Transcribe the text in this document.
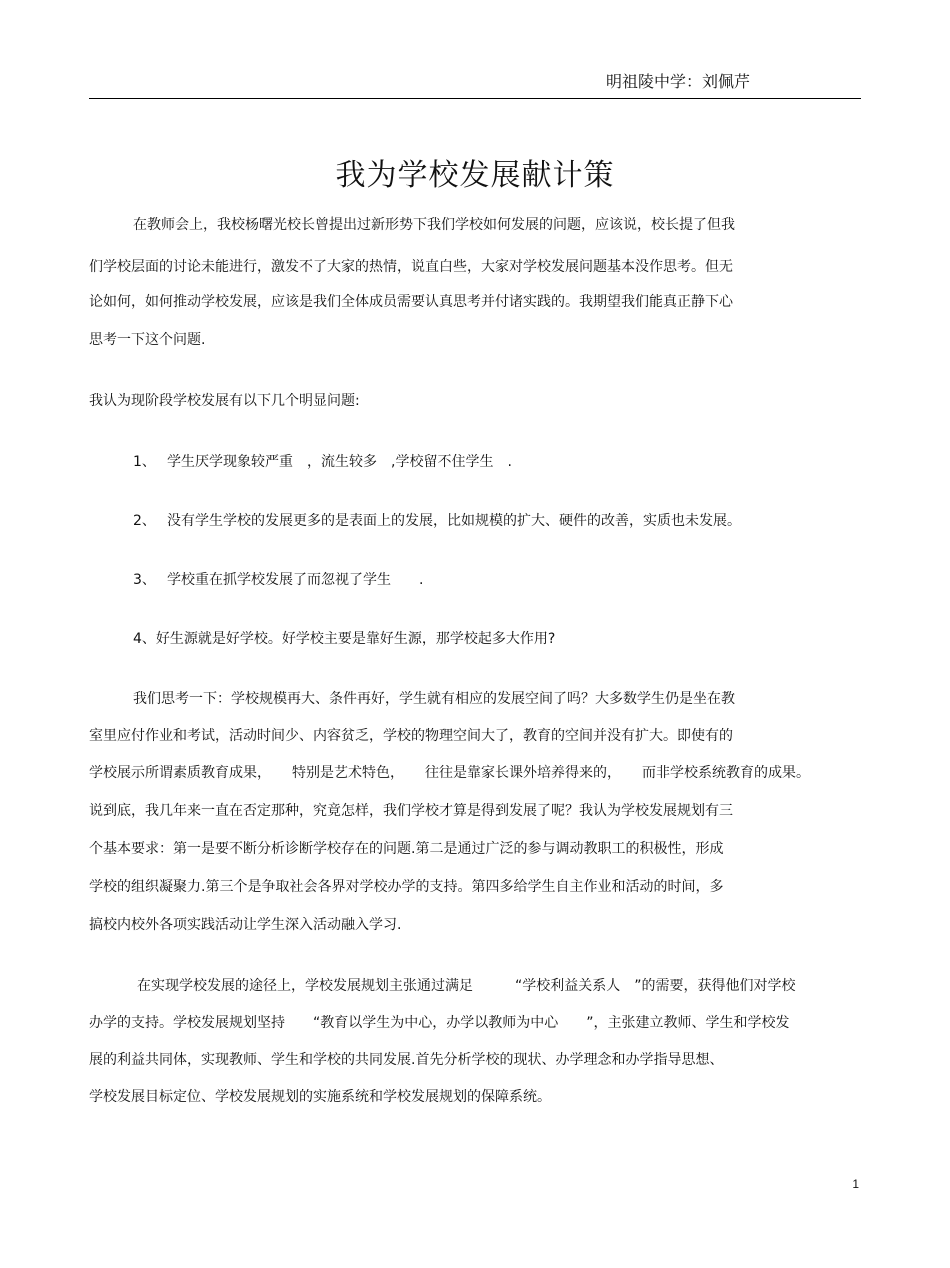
明祖陵中学：刘佩芹
我为学校发展献计策
在教师会上，我校杨曙光校长曾提出过新形势下我们学校如何发展的问题，应该说，校长提了但我
们学校层面的讨论未能进行，激发不了大家的热情，说直白些，大家对学校发展问题基本没作思考。但无
论如何，如何推动学校发展，应该是我们全体成员需要认真思考并付诸实践的。我期望我们能真正静下心
思考一下这个问题.
我认为现阶段学校发展有以下几个明显问题:
1、 学生厌学现象较严重　，流生较多　,学校留不住学生　.
2、 没有学生学校的发展更多的是表面上的发展，比如规模的扩大、硬件的改善，实质也未发展。
3、 学校重在抓学校发展了而忽视了学生　　.
4、好生源就是好学校。好学校主要是靠好生源，那学校起多大作用?
我们思考一下：学校规模再大、条件再好，学生就有相应的发展空间了吗？大多数学生仍是坐在教
室里应付作业和考试，活动时间少、内容贫乏，学校的物理空间大了，教育的空间并没有扩大。即使有的
学校展示所谓素质教育成果，　　特别是艺术特色，　　往往是靠家长课外培养得来的，　　而非学校系统教育的成果。
说到底，我几年来一直在否定那种，究竟怎样，我们学校才算是得到发展了呢？我认为学校发展规划有三
个基本要求：第一是要不断分析诊断学校存在的问题.第二是通过广泛的参与调动教职工的积极性，形成
学校的组织凝聚力.第三个是争取社会各界对学校办学的支持。第四多给学生自主作业和活动的时间，多
搞校内校外各项实践活动让学生深入活动融入学习.
在实现学校发展的途径上，学校发展规划主张通过满足　　　“学校利益关系人　”的需要，获得他们对学校
办学的支持。学校发展规划坚持　　“教育以学生为中心，办学以教师为中心　　”，主张建立教师、学生和学校发
展的利益共同体，实现教师、学生和学校的共同发展.首先分析学校的现状、办学理念和办学指导思想、
学校发展目标定位、学校发展规划的实施系统和学校发展规划的保障系统。
1
